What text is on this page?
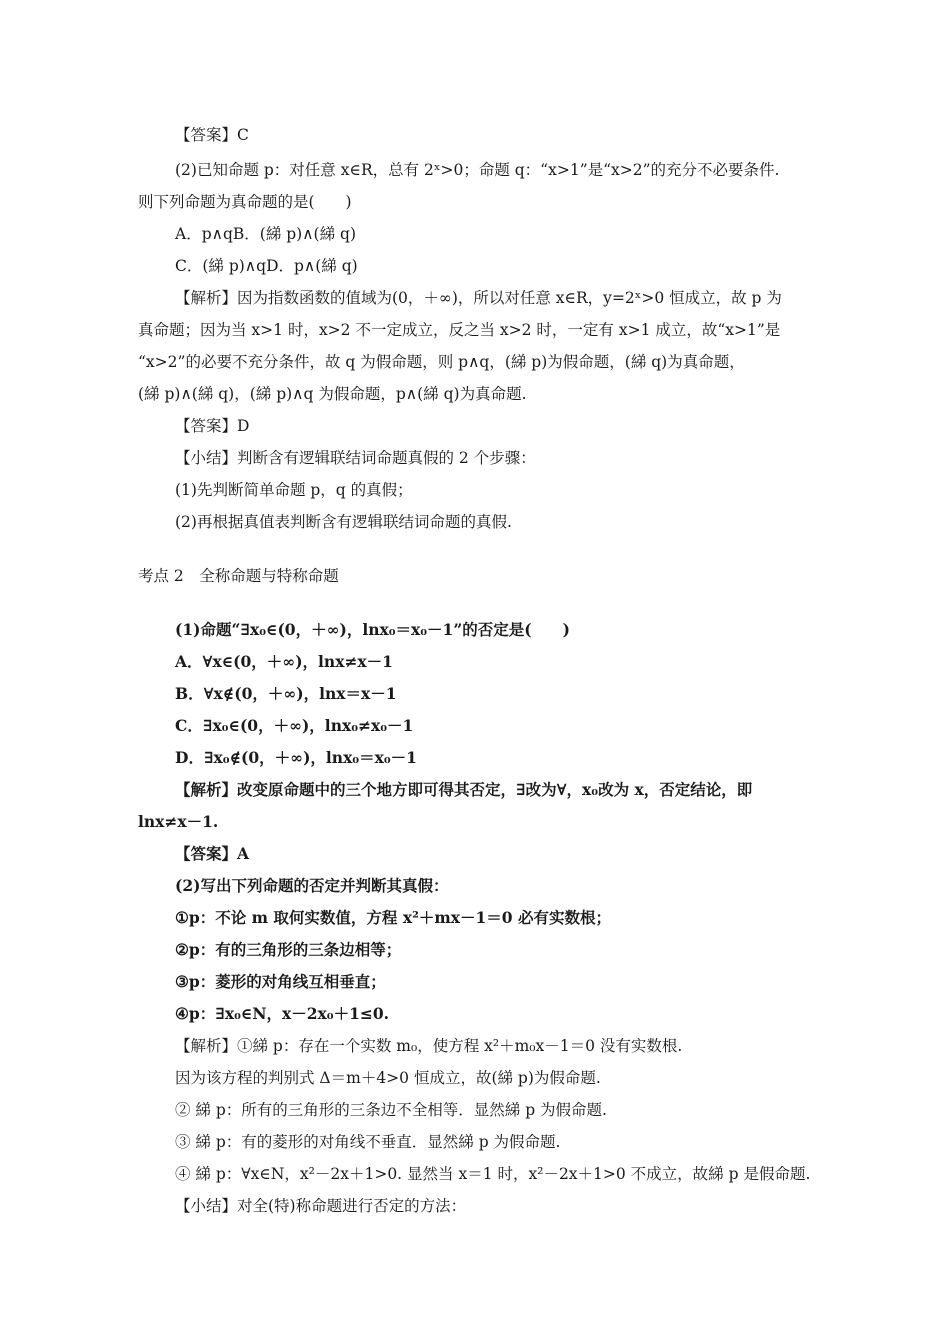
【答案】C
(2)已知命题 p：对任意 x∈R，总有 2ˣ>0；命题 q：“x>1”是“x>2”的充分不必要条件.
则下列命题为真命题的是(　　)
A．p∧qB．(綈 p)∧(綈 q)
C．(綈 p)∧qD．p∧(綈 q)
【解析】因为指数函数的值域为(0，＋∞)，所以对任意 x∈R，y=2ˣ>0 恒成立，故 p 为
真命题；因为当 x>1 时，x>2 不一定成立，反之当 x>2 时，一定有 x>1 成立，故“x>1”是
“x>2”的必要不充分条件，故 q 为假命题，则 p∧q，(綈 p)为假命题，(綈 q)为真命题，
(綈 p)∧(綈 q)，(綈 p)∧q 为假命题，p∧(綈 q)为真命题.
【答案】D
【小结】判断含有逻辑联结词命题真假的 2 个步骤：
(1)先判断简单命题 p，q 的真假；
(2)再根据真值表判断含有逻辑联结词命题的真假.
考点 2　全称命题与特称命题
(1)命题“∃x₀∈(0，＋∞)，lnx₀＝x₀－1”的否定是(　　)
A．∀x∈(0，＋∞)，lnx≠x－1
B．∀x∉(0，＋∞)，lnx＝x－1
C．∃x₀∈(0，＋∞)，lnx₀≠x₀－1
D．∃x₀∉(0，＋∞)，lnx₀＝x₀－1
【解析】改变原命题中的三个地方即可得其否定，∃改为∀，x₀改为 x，否定结论，即
lnx≠x－1.
【答案】A
(2)写出下列命题的否定并判断其真假：
①p：不论 m 取何实数值，方程 x²＋mx－1＝0 必有实数根；
②p：有的三角形的三条边相等；
③p：菱形的对角线互相垂直；
④p：∃x₀∈N，x－2x₀＋1≤0.
【解析】①綈 p：存在一个实数 m₀，使方程 x²＋m₀x－1＝0 没有实数根.
因为该方程的判别式 Δ＝m＋4>0 恒成立，故(綈 p)为假命题.
② 綈 p：所有的三角形的三条边不全相等．显然綈 p 为假命题.
③ 綈 p：有的菱形的对角线不垂直．显然綈 p 为假命题.
④ 綈 p：∀x∈N，x²－2x＋1>0. 显然当 x＝1 时，x²－2x＋1>0 不成立，故綈 p 是假命题.
【小结】对全(特)称命题进行否定的方法：
